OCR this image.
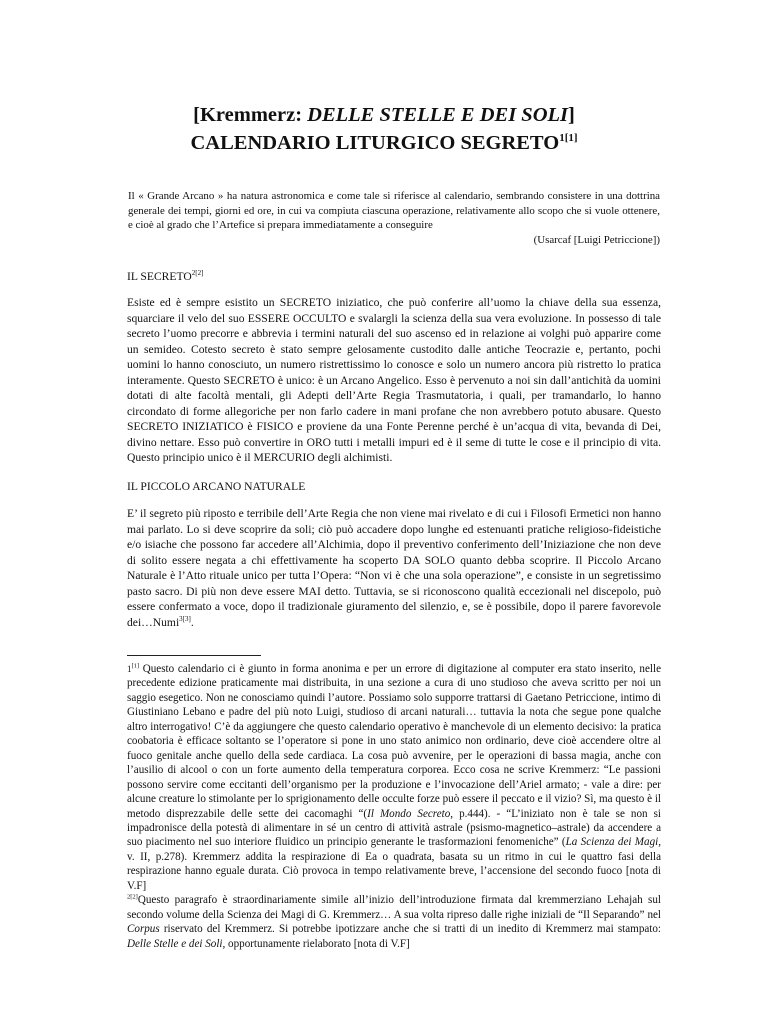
[Kremmerz: DELLE STELLE E DEI SOLI]
CALENDARIO LITURGICO $SEGRETO^{1[1]}$

Il « Grande Arcano » ha natura astronomica e come tale si riferisce al calendario, sembrando consistere in una dottrina generale dei tempi, giorni ed ore, in cui va compiuta ciascuna operazione, relativamente allo scopo che si vuole ottenere, e cioè al grado che l’Artefice si prepara immediatamente a conseguire

(Usarcaf [Luigi Petriccione])

IL $SECRETO^{2[2]}$

Esiste ed è sempre esistito un SECRETO iniziatico, che può conferire all’uomo la chiave della sua essenza, squarciare il velo del suo ESSERE OCCULTO e svalargli la scienza della sua vera evoluzione. In possesso di tale secreto l’uomo precorre e abbrevia i termini naturali del suo ascenso ed in relazione ai volghi può apparire come un semideo. Cotesto secreto è stato sempre gelosamente custodito dalle antiche Teocrazie e, pertanto, pochi uomini lo hanno conosciuto, un numero ristrettissimo lo conosce e solo un numero ancora più ristretto lo pratica interamente. Questo SECRETO è unico: è un Arcano Angelico. Esso è pervenuto a noi sin dall’antichità da uomini dotati di alte facoltà mentali, gli Adepti dell’Arte Regia Trasmutatoria, i quali, per tramandarlo, lo hanno circondato di forme allegoriche per non farlo cadere in mani profane che non avrebbero potuto abusare. Questo SECRETO INIZIATICO è FISICO e proviene da una Fonte Perenne perché è un’acqua di vita, bevanda di Dei, divino nettare. Esso può convertire in ORO tutti i metalli impuri ed è il seme di tutte le cose e il principio di vita. Questo principio unico è il MERCURIO degli alchimisti.

IL PICCOLO ARCANO NATURALE

E’ il segreto più riposto e terribile dell’Arte Regia che non viene mai rivelato e di cui i Filosofi Ermetici non hanno mai parlato. Lo si deve scoprire da soli; ciò può accadere dopo lunghe ed estenuanti pratiche religioso-fideistiche e/o isiache che possono far accedere all’Alchimia, dopo il preventivo conferimento dell’Iniziazione che non deve di solito essere negata a chi effettivamente ha scoperto DA SOLO quanto debba scoprire. Il Piccolo Arcano Naturale è l’Atto rituale unico per tutta l’Opera: “Non vi è che una sola operazione”, e consiste in un segretissimo pasto sacro. Di più non deve essere MAI detto. Tuttavia, se si riconoscono qualità eccezionali nel discepolo, può essere confermato a voce, dopo il tradizionale giuramento del silenzio, e, se è possibile, dopo il parere favorevole dei…Numi$^{3[3]}$.

1[1] Questo calendario ci è giunto in forma anonima e per un errore di digitazione al computer era stato inserito, nelle precedente edizione praticamente mai distribuita, in una sezione a cura di uno studioso che aveva scritto per noi un saggio esegetico. Non ne conosciamo quindi l’autore. Possiamo solo supporre trattarsi di Gaetano Petriccione, intimo di Giustiniano Lebano e padre del più noto Luigi, studioso di arcani naturali… tuttavia la nota che segue pone qualche altro interrogativo! C’è da aggiungere che questo calendario operativo è manchevole di un elemento decisivo: la pratica coobatoria è efficace soltanto se l’operatore si pone in uno stato animico non ordinario, deve cioè accendere oltre al fuoco genitale anche quello della sede cardiaca. La cosa può avvenire, per le operazioni di bassa magia, anche con l’ausilio di alcool o con un forte aumento della temperatura corporea. Ecco cosa ne scrive Kremmerz: “Le passioni possono servire come eccitanti dell’organismo per la produzione e l’invocazione dell’Ariel armato; - vale a dire: per alcune creature lo stimolante per lo sprigionamento delle occulte forze può essere il peccato e il vizio? Sì, ma questo è il metodo disprezzabile delle sette dei cacomaghi “(Il Mondo Secreto, p.444). - “L’iniziato non è tale se non si impadronisce della potestà di alimentare in sé un centro di attività astrale (psismo-magnetico–astrale) da accendere a suo piacimento nel suo interiore fluidico un principio generante le trasformazioni fenomeniche” (La Scienza dei Magi, v. II, p.278). Kremmerz addita la respirazione di Ea o quadrata, basata su un ritmo in cui le quattro fasi della respirazione hanno eguale durata. Ciò provoca in tempo relativamente breve, l’accensione del secondo fuoco [nota di V.F]

$^{2[2]}$Questo paragrafo è straordinariamente simile all’inizio dell’introduzione firmata dal kremmerziano Lehajah sul secondo volume della Scienza dei Magi di G. Kremmerz… A sua volta ripreso dalle righe iniziali de “Il Separando” nel Corpus riservato del Kremmerz. Si potrebbe ipotizzare anche che si tratti di un inedito di Kremmerz mai stampato: Delle Stelle e dei Soli, opportunamente rielaborato [nota di V.F]
